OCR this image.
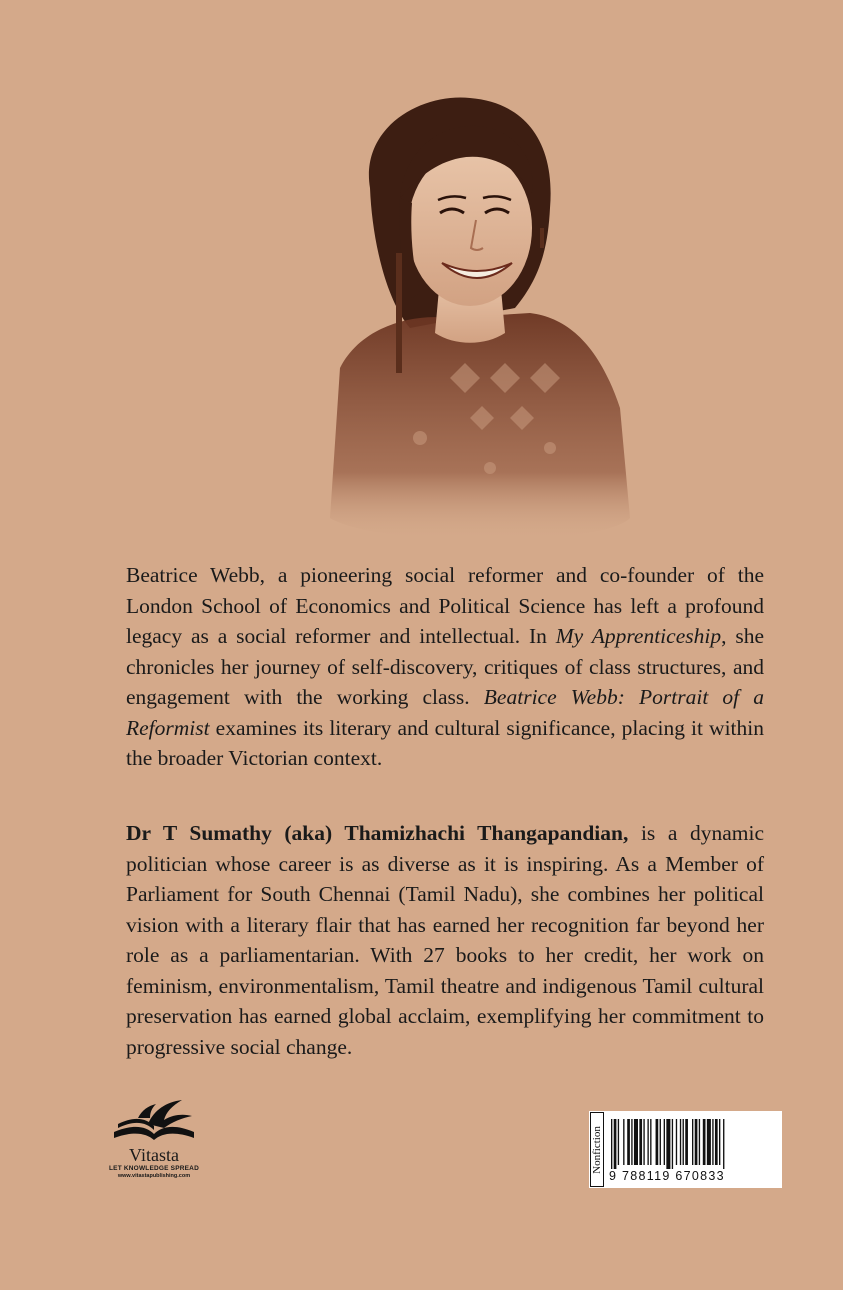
Beatrice Webb, a pioneering social reformer and co-founder of the London School of Economics and Political Science has left a profound legacy as a social reformer and intellectual. In My Apprenticeship, she chronicles her journey of self-discovery, critiques of class structures, and engagement with the working class. Beatrice Webb: Portrait of a Reformist examines its literary and cultural significance, placing it within the broader Victorian context.

Dr T Sumathy (aka) Thamizhachi Thangapandian, is a dynamic politician whose career is as diverse as it is inspiring. As a Member of Parliament for South Chennai (Tamil Nadu), she combines her political vision with a literary flair that has earned her recognition far beyond her role as a parliamentarian. With 27 books to her credit, her work on feminism, environmentalism, Tamil theatre and indigenous Tamil cultural preservation has earned global acclaim, exemplifying her commitment to progressive social change.

Vitasta
LET KNOWLEDGE SPREAD
www.vitastapublishing.com
Nonfiction
9 788119 670833
